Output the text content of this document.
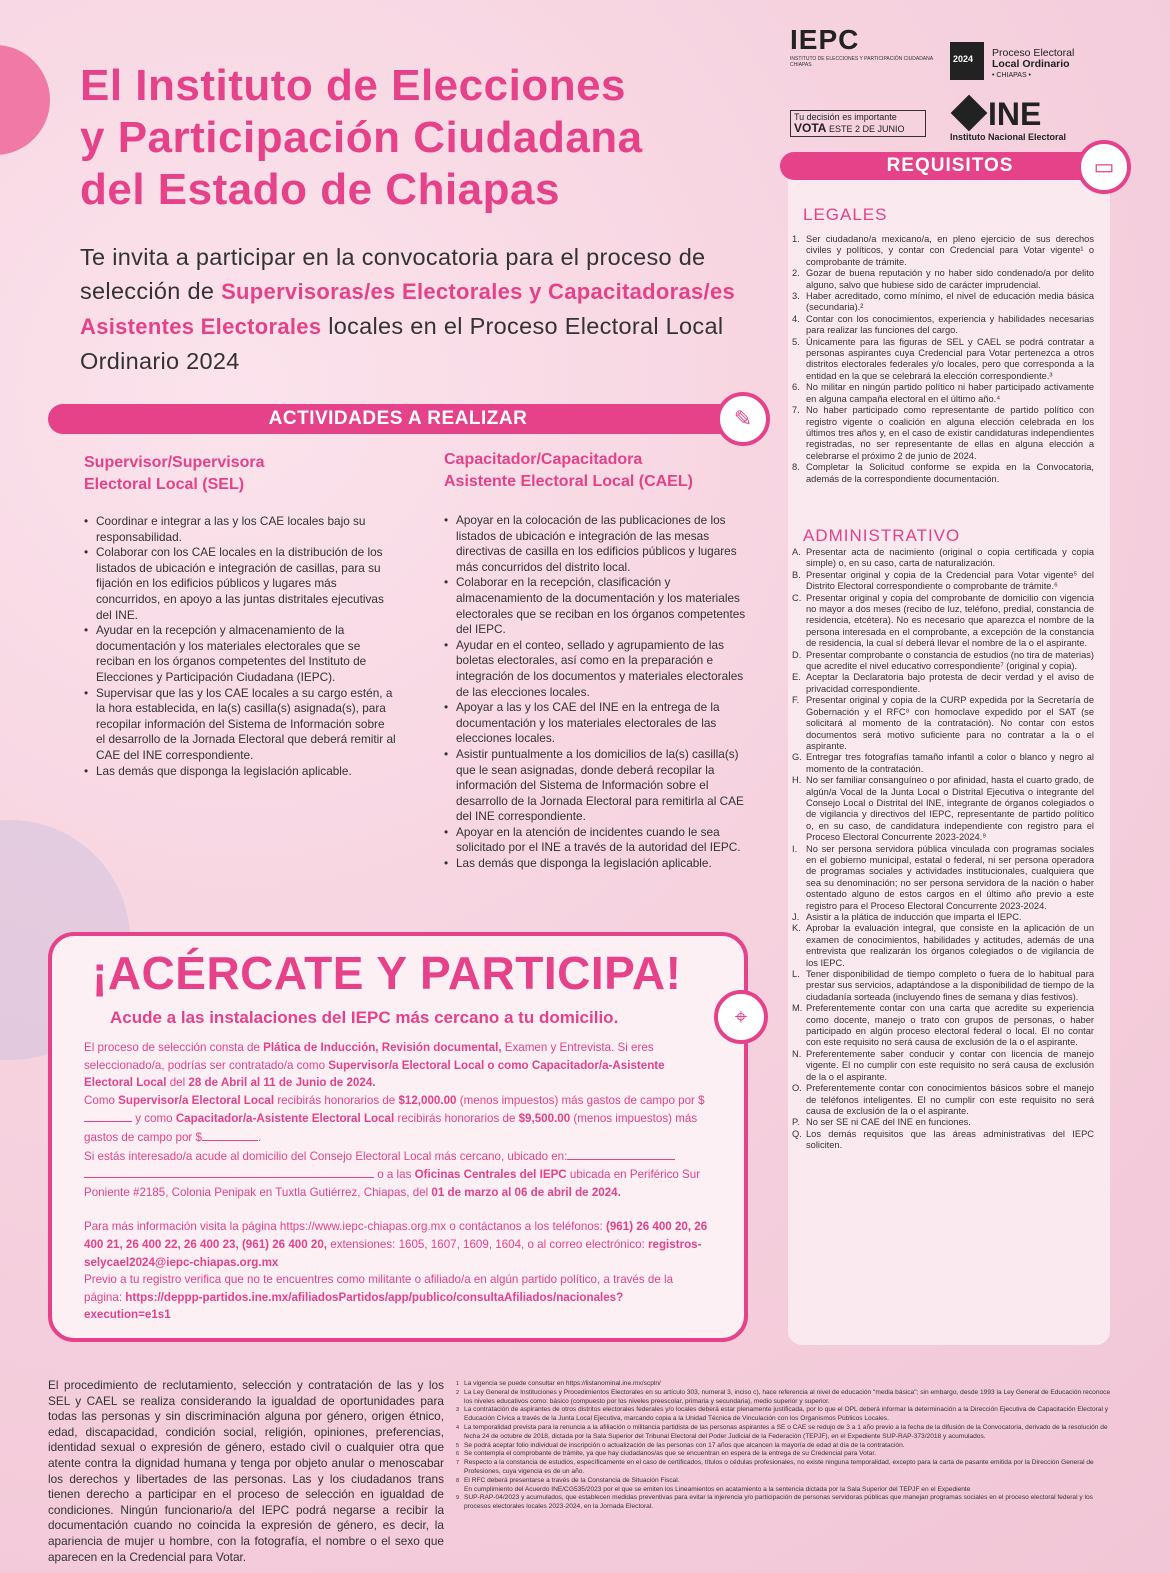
El Instituto de Elecciones
y Participación Ciudadana
del Estado de Chiapas
Te invita a participar en la convocatoria para el proceso de selección de Supervisoras/es Electorales y Capacitadoras/es Asistentes Electorales locales en el Proceso Electoral Local Ordinario 2024
IEPC
INSTITUTO DE ELECCIONES Y PARTICIPACIÓN CIUDADANA CHIAPAS
Tu decisión es importante
VOTA ESTE 2 DE JUNIO
2024 Proceso Electoral
Local Ordinario
• CHIAPAS •
INE
Instituto Nacional Electoral
ACTIVIDADES A REALIZAR	✎
Supervisor/Supervisora
Electoral Local (SEL)
• Coordinar e integrar a las y los CAE locales bajo su responsabilidad.
• Colaborar con los CAE locales en la distribución de los listados de ubicación e integración de casillas, para su fijación en los edificios públicos y lugares más concurridos, en apoyo a las juntas distritales ejecutivas del INE.
• Ayudar en la recepción y almacenamiento de la documentación y los materiales electorales que se reciban en los órganos competentes del Instituto de Elecciones y Participación Ciudadana (IEPC).
• Supervisar que las y los CAE locales a su cargo estén, a la hora establecida, en la(s) casilla(s) asignada(s), para recopilar información del Sistema de Información sobre el desarrollo de la Jornada Electoral que deberá remitir al CAE del INE correspondiente.
• Las demás que disponga la legislación aplicable.
Capacitador/Capacitadora
Asistente Electoral Local (CAEL)
• Apoyar en la colocación de las publicaciones de los listados de ubicación e integración de las mesas directivas de casilla en los edificios públicos y lugares más concurridos del distrito local.
• Colaborar en la recepción, clasificación y almacenamiento de la documentación y los materiales electorales que se reciban en los órganos competentes del IEPC.
• Ayudar en el conteo, sellado y agrupamiento de las boletas electorales, así como en la preparación e integración de los documentos y materiales electorales de las elecciones locales.
• Apoyar a las y los CAE del INE en la entrega de la documentación y los materiales electorales de las elecciones locales.
• Asistir puntualmente a los domicilios de la(s) casilla(s) que le sean asignadas, donde deberá recopilar la información del Sistema de Información sobre el desarrollo de la Jornada Electoral para remitirla al CAE del INE correspondiente.
• Apoyar en la atención de incidentes cuando le sea solicitado por el INE a través de la autoridad del IEPC.
• Las demás que disponga la legislación aplicable.
REQUISITOS	▭
LEGALES
1. Ser ciudadano/a mexicano/a, en pleno ejercicio de sus derechos civiles y políticos, y contar con Credencial para Votar vigente¹ o comprobante de trámite.
2. Gozar de buena reputación y no haber sido condenado/a por delito alguno, salvo que hubiese sido de carácter imprudencial.
3. Haber acreditado, como mínimo, el nivel de educación media básica (secundaria).²
4. Contar con los conocimientos, experiencia y habilidades necesarias para realizar las funciones del cargo.
5. Únicamente para las figuras de SEL y CAEL se podrá contratar a personas aspirantes cuya Credencial para Votar pertenezca a otros distritos electorales federales y/o locales, pero que corresponda a la entidad en la que se celebrará la elección correspondiente.³
6. No militar en ningún partido político ni haber participado activamente en alguna campaña electoral en el último año.⁴
7. No haber participado como representante de partido político con registro vigente o coalición en alguna elección celebrada en los últimos tres años y, en el caso de existir candidaturas independientes registradas, no ser representante de ellas en alguna elección a celebrarse el próximo 2 de junio de 2024.
8. Completar la Solicitud conforme se expida en la Convocatoria, además de la correspondiente documentación.
ADMINISTRATIVO
A. Presentar acta de nacimiento (original o copia certificada y copia simple) o, en su caso, carta de naturalización.
B. Presentar original y copia de la Credencial para Votar vigente⁵ del Distrito Electoral correspondiente o comprobante de trámite.⁶
C. Presentar original y copia del comprobante de domicilio con vigencia no mayor a dos meses (recibo de luz, teléfono, predial, constancia de residencia, etcétera). No es necesario que aparezca el nombre de la persona interesada en el comprobante, a excepción de la constancia de residencia, la cual sí deberá llevar el nombre de la o el aspirante.
D. Presentar comprobante o constancia de estudios (no tira de materias) que acredite el nivel educativo correspondiente⁷ (original y copia).
E. Aceptar la Declaratoria bajo protesta de decir verdad y el aviso de privacidad correspondiente.
F. Presentar original y copia de la CURP expedida por la Secretaría de Gobernación y el RFC⁸ con homoclave expedido por el SAT (se solicitará al momento de la contratación). No contar con estos documentos será motivo suficiente para no contratar a la o el aspirante.
G. Entregar tres fotografías tamaño infantil a color o blanco y negro al momento de la contratación.
H. No ser familiar consanguíneo o por afinidad, hasta el cuarto grado, de algún/a Vocal de la Junta Local o Distrital Ejecutiva o integrante del Consejo Local o Distrital del INE, integrante de órganos colegiados o de vigilancia y directivos del IEPC, representante de partido político o, en su caso, de candidatura independiente con registro para el Proceso Electoral Concurrente 2023-2024.⁹
I. No ser persona servidora pública vinculada con programas sociales en el gobierno municipal, estatal o federal, ni ser persona operadora de programas sociales y actividades institucionales, cualquiera que sea su denominación; no ser persona servidora de la nación o haber ostentado alguno de estos cargos en el último año previo a este registro para el Proceso Electoral Concurrente 2023-2024.
J. Asistir a la plática de inducción que imparta el IEPC.
K. Aprobar la evaluación integral, que consiste en la aplicación de un examen de conocimientos, habilidades y actitudes, además de una entrevista que realizarán los órganos colegiados o de vigilancia de los IEPC.
L. Tener disponibilidad de tiempo completo o fuera de lo habitual para prestar sus servicios, adaptándose a la disponibilidad de tiempo de la ciudadanía sorteada (incluyendo fines de semana y días festivos).
M. Preferentemente contar con una carta que acredite su experiencia como docente, manejo o trato con grupos de personas, o haber participado en algún proceso electoral federal o local. El no contar con este requisito no será causa de exclusión de la o el aspirante.
N. Preferentemente saber conducir y contar con licencia de manejo vigente. El no cumplir con este requisito no será causa de exclusión de la o el aspirante.
O. Preferentemente contar con conocimientos básicos sobre el manejo de teléfonos inteligentes. El no cumplir con este requisito no será causa de exclusión de la o el aspirante.
P. No ser SE ni CAE del INE en funciones.
Q. Los demás requisitos que las áreas administrativas del IEPC soliciten.
¡ACÉRCATE Y PARTICIPA!
Acude a las instalaciones del IEPC más cercano a tu domicilio.	⌖

El proceso de selección consta de Plática de Inducción, Revisión documental, Examen y Entrevista. Si eres seleccionado/a, podrías ser contratado/a como Supervisor/a Electoral Local o como Capacitador/a-Asistente Electoral Local del 28 de Abril al 11 de Junio de 2024.

Como Supervisor/a Electoral Local recibirás honorarios de $12,000.00 (menos impuestos) más gastos de campo por $ y como Capacitador/a-Asistente Electoral Local recibirás honorarios de $9,500.00 (menos impuestos) más gastos de campo por $	.

Si estás interesado/a acude al domicilio del Consejo Electoral Local más cercano, ubicado en:
o a las Oficinas Centrales del IEPC ubicada en Periférico Sur Poniente #2185, Colonia Penipak en Tuxtla Gutiérrez, Chiapas, del 01 de marzo al 06 de abril de 2024.

Para más información visita la página https://www.iepc-chiapas.org.mx o contáctanos a los teléfonos: (961) 26 400 20, 26 400 21, 26 400 22, 26 400 23, (961) 26 400 20, extensiones: 1605, 1607, 1609, 1604, o al correo electrónico: registros-selycael2024@iepc-chiapas.org.mx

Previo a tu registro verifica que no te encuentres como militante o afiliado/a en algún partido político, a través de la página: https://deppp-partidos.ine.mx/afiliadosPartidos/app/publico/consultaAfiliados/nacionales?execution=e1s1

El procedimiento de reclutamiento, selección y contratación de las y los SEL y CAEL se realiza considerando la igualdad de oportunidades para todas las personas y sin discriminación alguna por género, origen étnico, edad, discapacidad, condición social, religión, opiniones, preferencias, identidad sexual o expresión de género, estado civil o cualquier otra que atente contra la dignidad humana y tenga por objeto anular o menoscabar los derechos y libertades de las personas. Las y los ciudadanos trans tienen derecho a participar en el proceso de selección en igualdad de condiciones. Ningún funcionario/a del IEPC podrá negarse a recibir la documentación cuando no coincida la expresión de género, es decir, la apariencia de mujer u hombre, con la fotografía, el nombre o el sexo que aparecen en la Credencial para Votar.
1 La vigencia se puede consultar en https://listanominal.ine.mx/scpln/
2 La Ley General de Instituciones y Procedimientos Electorales en su artículo 303, numeral 3, inciso c), hace referencia al nivel de educación "media básica"; sin embargo, desde 1993 la Ley General de Educación reconoce los niveles educativos como: básico (compuesto por los niveles preescolar, primaria y secundaria), medio superior y superior.
3 La contratación de aspirantes de otros distritos electorales federales y/o locales deberá estar plenamente justificada, por lo que el OPL deberá informar la determinación a la Dirección Ejecutiva de Capacitación Electoral y Educación Cívica a través de la Junta Local Ejecutiva, marcando copia a la Unidad Técnica de Vinculación con los Organismos Públicos Locales.
4 La temporalidad prevista para la renuncia a la afiliación o militancia partidista de las personas aspirantes a SE o CAE se redujo de 3 a 1 año previo a la fecha de la difusión de la Convocatoria, derivado de la resolución de fecha 24 de octubre de 2018, dictada por la Sala Superior del Tribunal Electoral del Poder Judicial de la Federación (TEPJF), en el Expediente SUP-RAP-373/2018 y acumulados.
5 Se podrá aceptar folio individual de inscripción o actualización de las personas con 17 años que alcancen la mayoría de edad al día de la contratación.
6 Se contempla el comprobante de trámite, ya que hay ciudadanos/as que se encuentran en espera de la entrega de su Credencial para Votar.
7 Respecto a la constancia de estudios, específicamente en el caso de certificados, títulos o cédulas profesionales, no existe ninguna temporalidad, excepto para la carta de pasante emitida por la Dirección General de Profesiones, cuya vigencia es de un año.
8 El RFC deberá presentarse a través de la Constancia de Situación Fiscal.
En cumplimiento del Acuerdo INE/CG535/2023 por el que se emiten los Lineamientos en acatamiento a la sentencia dictada por la Sala Superior del TEPJF en el Expediente
9 SUP-RAP-04/2023 y acumulados, que establecen medidas preventivas para evitar la injerencia y/o participación de personas servidoras públicas que manejan programas sociales en el proceso electoral federal y los procesos electorales locales 2023-2024, en la Jornada Electoral.
